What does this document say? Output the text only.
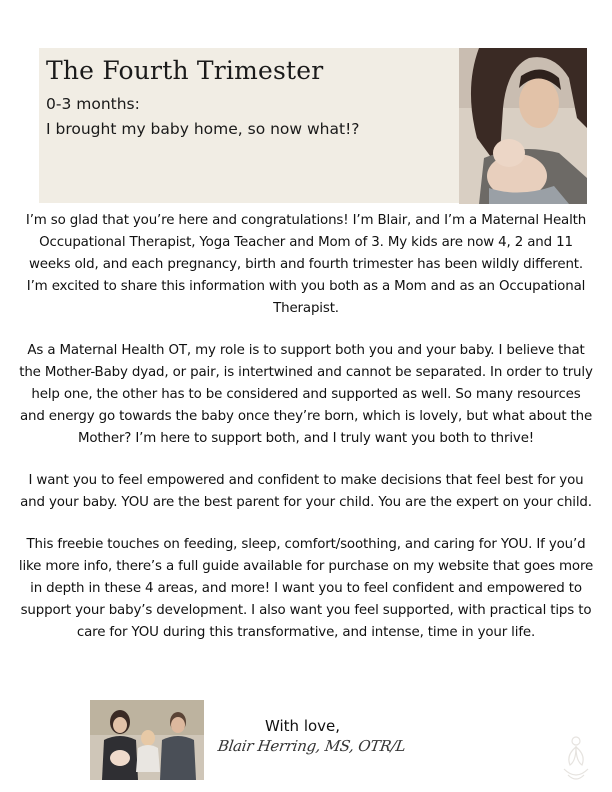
The Fourth Trimester
0-3 months:
I brought my baby home, so now what!?

I’m so glad that you’re here and congratulations! I’m Blair, and I’m a Maternal Health Occupational Therapist, Yoga Teacher and Mom of 3. My kids are now 4, 2 and 11 weeks old, and each pregnancy, birth and fourth trimester has been wildly different. I’m excited to share this information with you both as a Mom and as an Occupational Therapist.

As a Maternal Health OT, my role is to support both you and your baby. I believe that the Mother-Baby dyad, or pair, is intertwined and cannot be separated. In order to truly help one, the other has to be considered and supported as well. So many resources and energy go towards the baby once they’re born, which is lovely, but what about the Mother? I’m here to support both, and I truly want you both to thrive!

I want you to feel empowered and confident to make decisions that feel best for you and your baby. YOU are the best parent for your child. You are the expert on your child.

This freebie touches on feeding, sleep, comfort/soothing, and caring for YOU. If you’d like more info, there’s a full guide available for purchase on my website that goes more in depth in these 4 areas, and more! I want you to feel confident and empowered to support your baby’s development. I also want you feel supported, with practical tips to care for YOU during this transformative, and intense, time in your life.

With love,
Blair Herring, MS, OTR/L
